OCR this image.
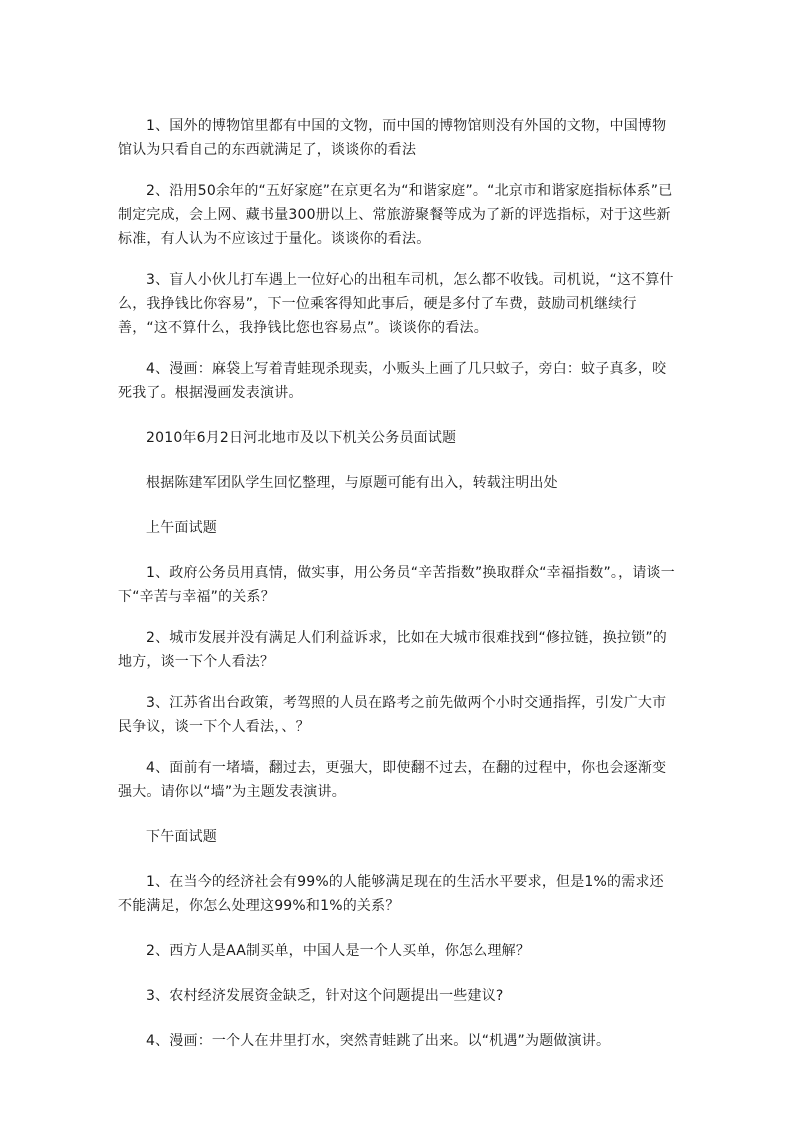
1、国外的博物馆里都有中国的文物，而中国的博物馆则没有外国的文物，中国博物馆认为只看自己的东西就满足了，谈谈你的看法

2、沿用50余年的“五好家庭”在京更名为“和谐家庭”。“北京市和谐家庭指标体系”已制定完成，会上网、藏书量300册以上、常旅游聚餐等成为了新的评选指标，对于这些新标准，有人认为不应该过于量化。谈谈你的看法。

3、盲人小伙儿打车遇上一位好心的出租车司机，怎么都不收钱。司机说，“这不算什么，我挣钱比你容易”，下一位乘客得知此事后，硬是多付了车费，鼓励司机继续行善，“这不算什么，我挣钱比您也容易点”。谈谈你的看法。

4、漫画：麻袋上写着青蛙现杀现卖，小贩头上画了几只蚊子，旁白：蚊子真多，咬死我了。根据漫画发表演讲。

2010年6月2日河北地市及以下机关公务员面试题

根据陈建军团队学生回忆整理，与原题可能有出入，转载注明出处

上午面试题

1、政府公务员用真情，做实事，用公务员“辛苦指数”换取群众“幸福指数”。，请谈一下“辛苦与幸福”的关系？

2、城市发展并没有满足人们利益诉求，比如在大城市很难找到“修拉链，换拉锁”的地方，谈一下个人看法？

3、江苏省出台政策，考驾照的人员在路考之前先做两个小时交通指挥，引发广大市民争议，谈一下个人看法，、？

4、面前有一堵墙，翻过去，更强大，即使翻不过去，在翻的过程中，你也会逐渐变强大。请你以“墙”为主题发表演讲。

下午面试题

1、在当今的经济社会有99%的人能够满足现在的生活水平要求，但是1%的需求还不能满足，你怎么处理这99%和1%的关系？

2、西方人是AA制买单，中国人是一个人买单，你怎么理解？

3、农村经济发展资金缺乏，针对这个问题提出一些建议?

4、漫画：一个人在井里打水，突然青蛙跳了出来。以“机遇”为题做演讲。
